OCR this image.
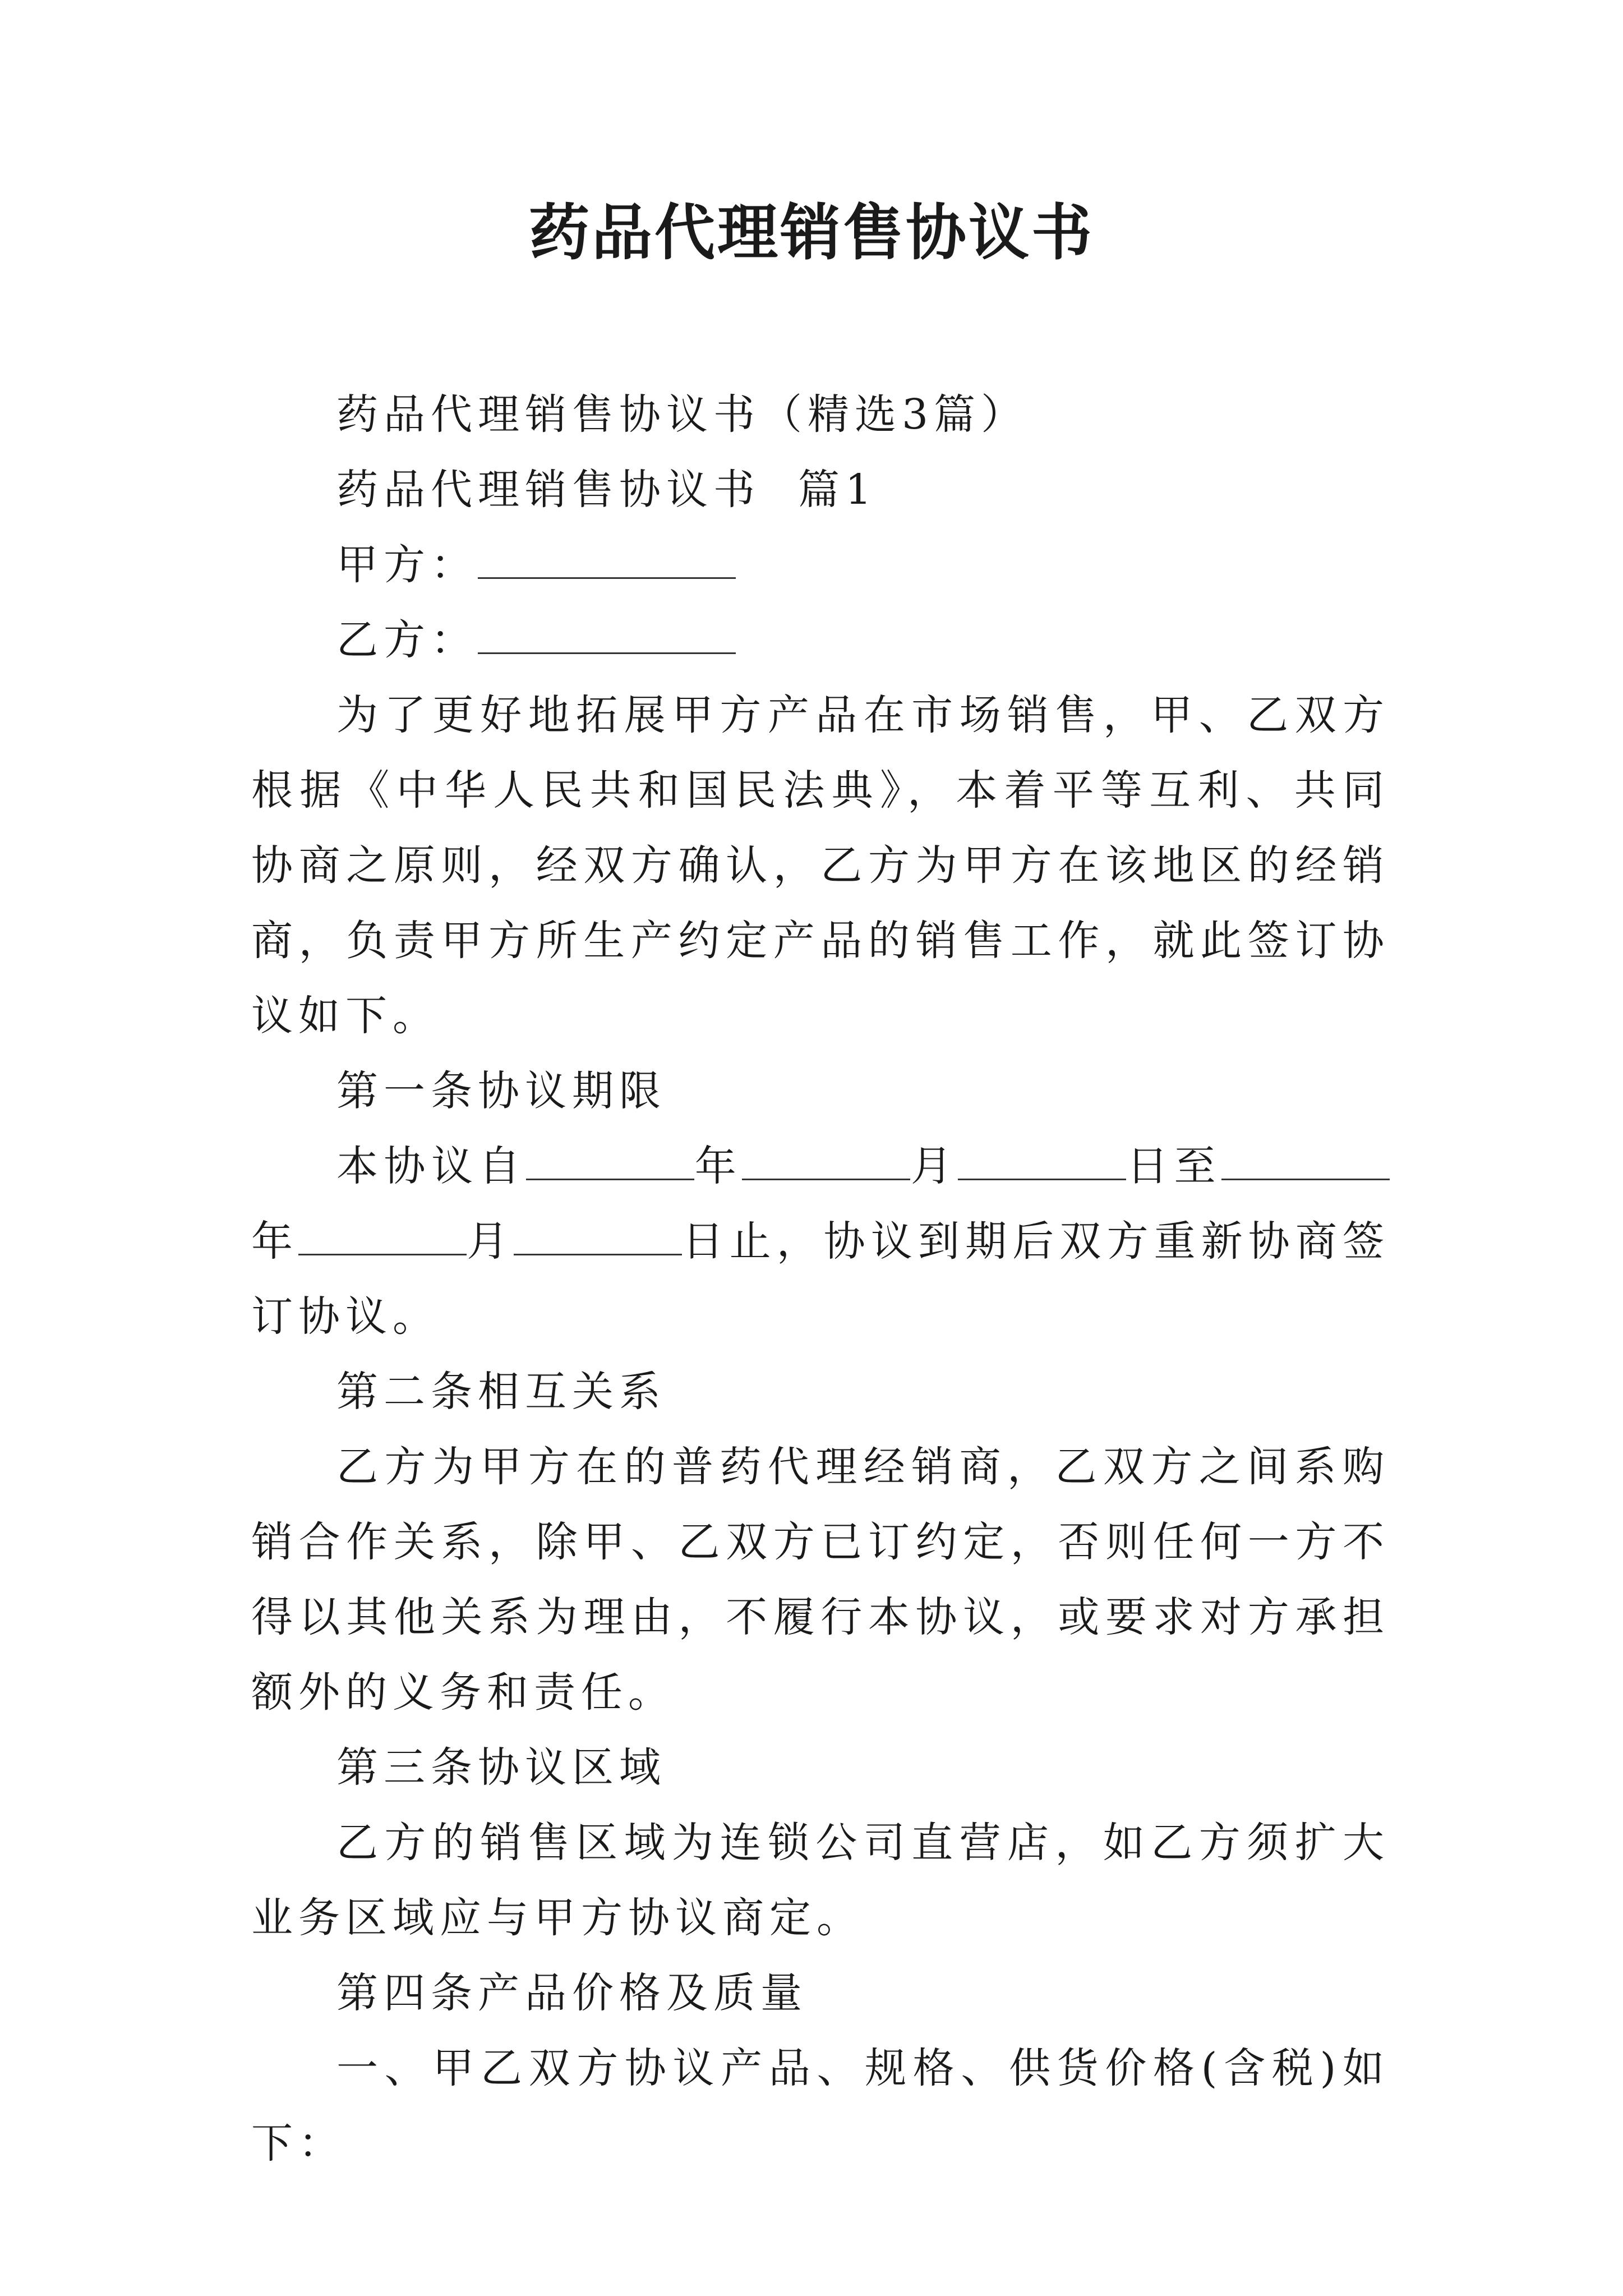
药品代理销售协议书

药品代理销售协议书（精选3篇）

药品代理销售协议书  篇1

甲方：

乙方：

为了更好地拓展甲方产品在市场销售，甲、乙双方根据《中华人民共和国民法典》，本着平等互利、共同协商之原则，经双方确认，乙方为甲方在该地区的经销商，负责甲方所生产约定产品的销售工作，就此签订协议如下。

第一条协议期限

本协议自	年	月	日至年	月	日止，协议到期后双方重新协商签订协议。

第二条相互关系

乙方为甲方在的普药代理经销商，乙双方之间系购销合作关系，除甲、乙双方已订约定，否则任何一方不得以其他关系为理由，不履行本协议，或要求对方承担额外的义务和责任。

第三条协议区域

乙方的销售区域为连锁公司直营店，如乙方须扩大业务区域应与甲方协议商定。

第四条产品价格及质量

一、甲乙双方协议产品、规格、供货价格(含税)如下：
